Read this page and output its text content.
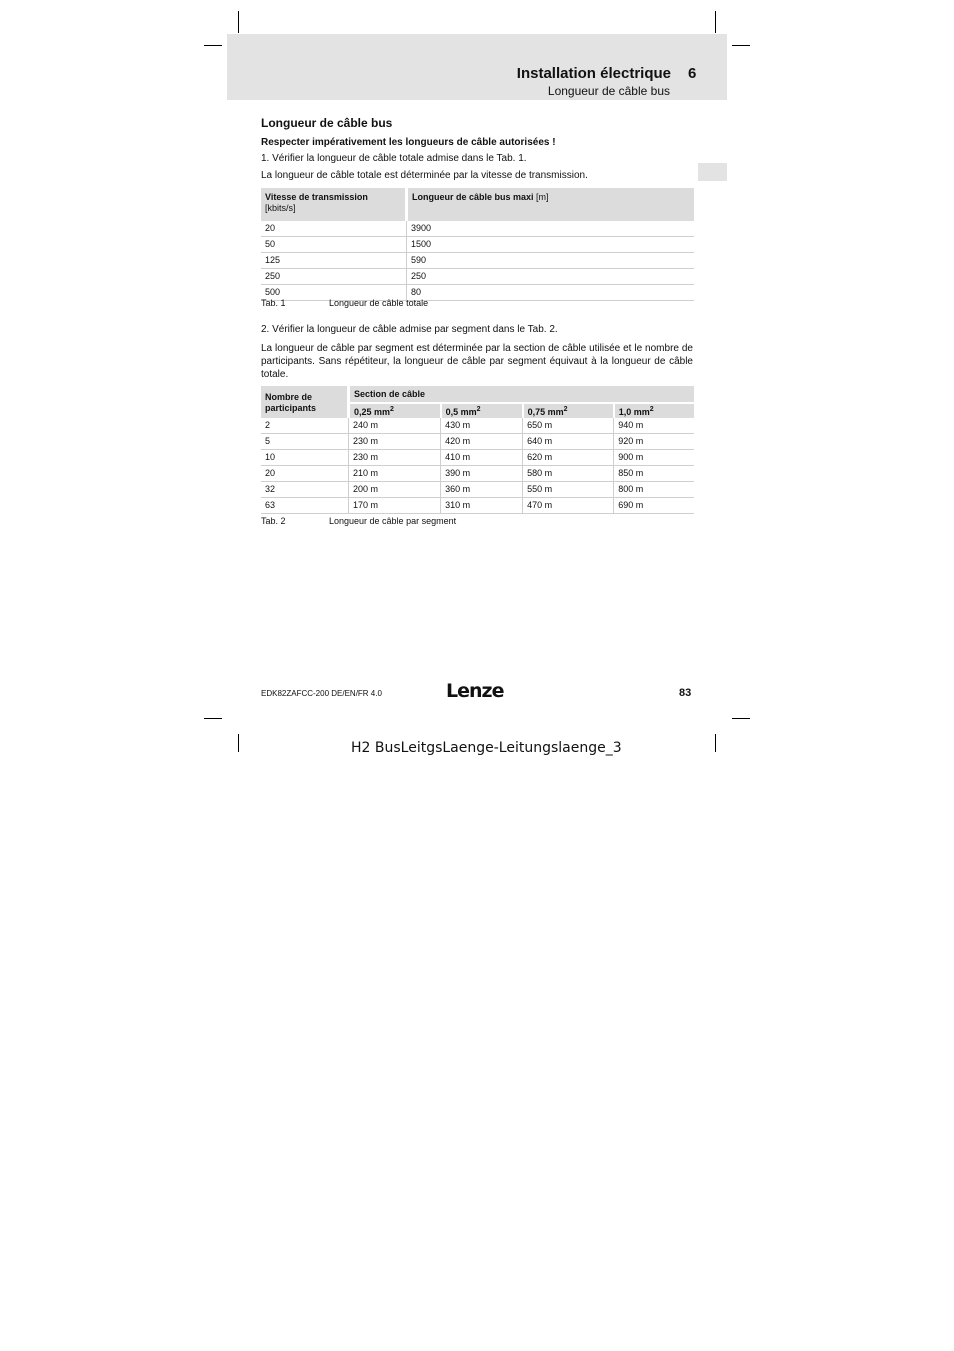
Installation électrique 6
Longueur de câble bus
Longueur de câble bus
Respecter impérativement les longueurs de câble autorisées !
1. Vérifier la longueur de câble totale admise dans le Tab. 1.
La longueur de câble totale est déterminée par la vitesse de transmission.
Vitesse de transmission
[kbits/s]	Longueur de câble bus maxi [m]
20	3900
50	1500
125	590
250	250
500	80
Tab. 1	Longueur de câble totale
2. Vérifier la longueur de câble admise par segment dans le Tab. 2.
La longueur de câble par segment est déterminée par la section de câble utilisée et le nombre de participants. Sans répétiteur, la longueur de câble par segment équivaut à la longueur de câble totale.
Nombre de participants	Section de câble			
	0,25 $mm^2$	0,5 $mm^2$	0,75 $mm^2$	1,0 $mm^2$
2	240 m	430 m	650 m	940 m
5	230 m	420 m	640 m	920 m
10	230 m	410 m	620 m	900 m
20	210 m	390 m	580 m	850 m
32	200 m	360 m	550 m	800 m
63	170 m	310 m	470 m	690 m
Tab. 2	Longueur de câble par segment
EDK82ZAFCC-200 DE/EN/FR 4.0	Lenze	83
H2 BusLeitgsLaenge-Leitungslaenge_3
